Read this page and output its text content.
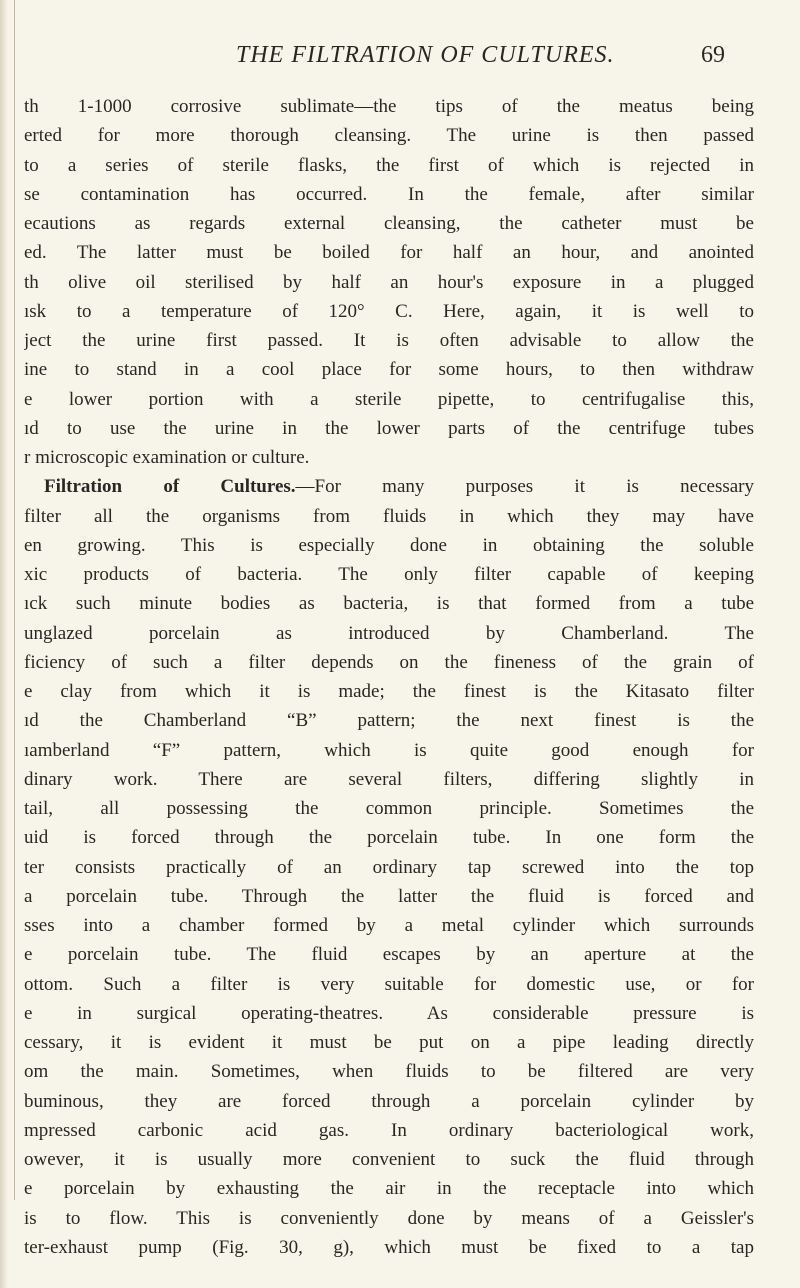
THE FILTRATION OF CULTURES.	69
th 1-1000 corrosive sublimate—the tips of the meatus being
erted for more thorough cleansing. The urine is then passed
to a series of sterile flasks, the first of which is rejected in
se contamination has occurred. In the female, after similar
ecautions as regards external cleansing, the catheter must be
ed. The latter must be boiled for half an hour, and anointed
th olive oil sterilised by half an hour's exposure in a plugged
ısk to a temperature of 120° C. Here, again, it is well to
ject the urine first passed. It is often advisable to allow the
ine to stand in a cool place for some hours, to then withdraw
e lower portion with a sterile pipette, to centrifugalise this,
ıd to use the urine in the lower parts of the centrifuge tubes
r microscopic examination or culture.
Filtration of Cultures.—For many purposes it is necessary
filter all the organisms from fluids in which they may have
en growing. This is especially done in obtaining the soluble
xic products of bacteria. The only filter capable of keeping
ıck such minute bodies as bacteria, is that formed from a tube
unglazed porcelain as introduced by Chamberland. The
ficiency of such a filter depends on the fineness of the grain of
e clay from which it is made; the finest is the Kitasato filter
ıd the Chamberland “B” pattern; the next finest is the
ıamberland “F” pattern, which is quite good enough for
dinary work. There are several filters, differing slightly in
tail, all possessing the common principle. Sometimes the
uid is forced through the porcelain tube. In one form the
ter consists practically of an ordinary tap screwed into the top
a porcelain tube. Through the latter the fluid is forced and
sses into a chamber formed by a metal cylinder which surrounds
e porcelain tube. The fluid escapes by an aperture at the
ottom. Such a filter is very suitable for domestic use, or for
e in surgical operating-theatres. As considerable pressure is
cessary, it is evident it must be put on a pipe leading directly
om the main. Sometimes, when fluids to be filtered are very
buminous, they are forced through a porcelain cylinder by
mpressed carbonic acid gas. In ordinary bacteriological work,
owever, it is usually more convenient to suck the fluid through
e porcelain by exhausting the air in the receptacle into which
is to flow. This is conveniently done by means of a Geissler's
ter-exhaust pump (Fig. 30, g), which must be fixed to a tap
